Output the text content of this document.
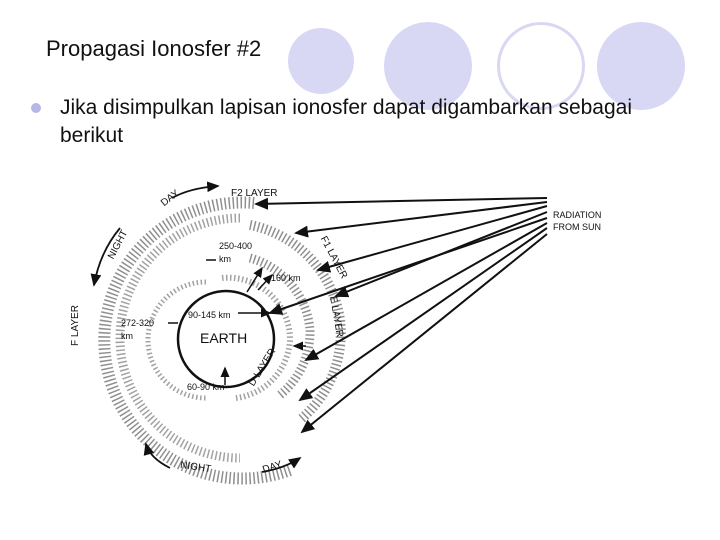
Propagasi Ionosfer #2
Jika disimpulkan lapisan ionosfer dapat digambarkan sebagai berikut
EARTH
RADIATION
FROM SUN
DAY	F2 LAYER
NIGHT	F1 LAYER
E LAYER
D LAYER
F LAYER
NIGHT	DAY
250-400
km
160 km
90-145 km
272-320
km
60-90 km
